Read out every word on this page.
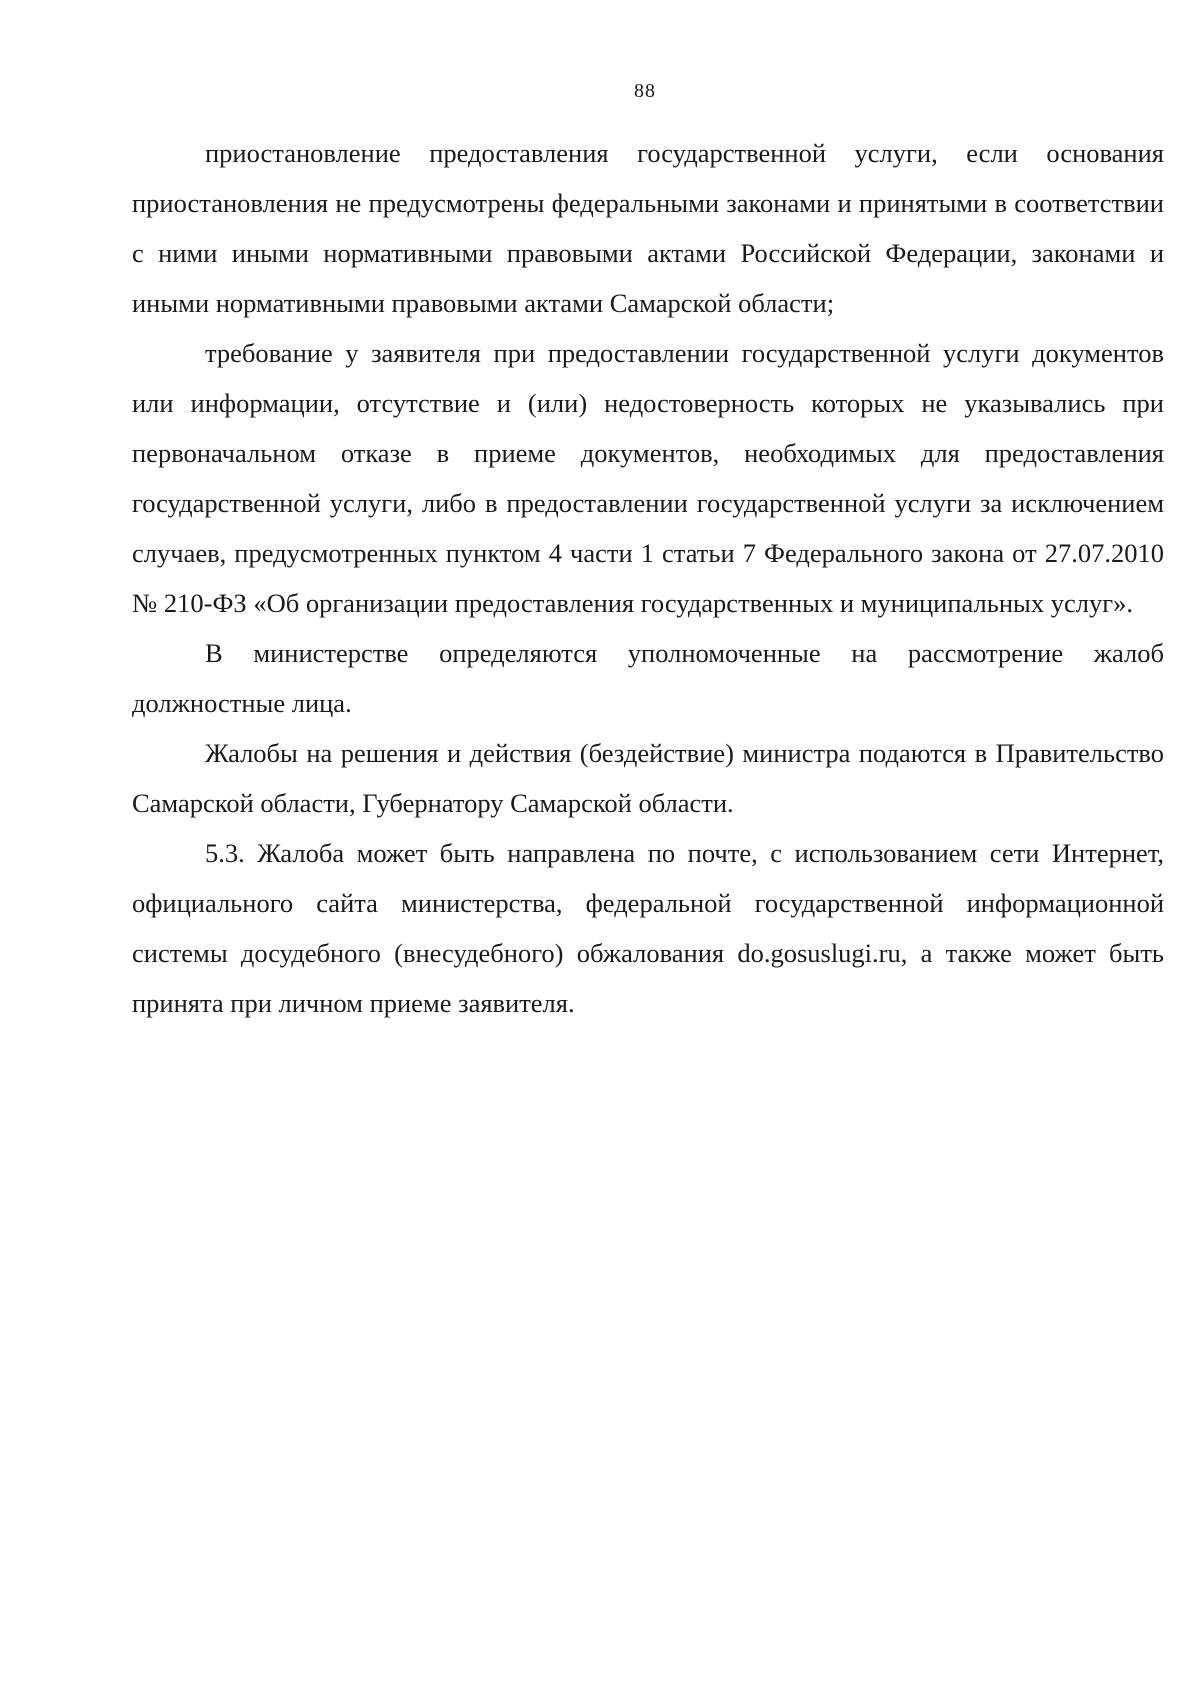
88

приостановление предоставления государственной услуги, если основания приостановления не предусмотрены федеральными законами и принятыми в соответствии с ними иными нормативными правовыми актами Российской Федерации, законами и иными нормативными правовыми актами Самарской области;

требование у заявителя при предоставлении государственной услуги документов или информации, отсутствие и (или) недостоверность которых не указывались при первоначальном отказе в приеме документов, необходимых для предоставления государственной услуги, либо в предоставлении государственной услуги за исключением случаев, предусмотренных пунктом 4 части 1 статьи 7 Федерального закона от 27.07.2010 № 210-ФЗ «Об организации предоставления государственных и муниципальных услуг».

В министерстве определяются уполномоченные на рассмотрение жалоб должностные лица.

Жалобы на решения и действия (бездействие) министра подаются в Правительство Самарской области, Губернатору Самарской области.

5.3. Жалоба может быть направлена по почте, с использованием сети Интернет, официального сайта министерства, федеральной государственной информационной системы досудебного (внесудебного) обжалования do.gosuslugi.ru, а также может быть принята при личном приеме заявителя.
